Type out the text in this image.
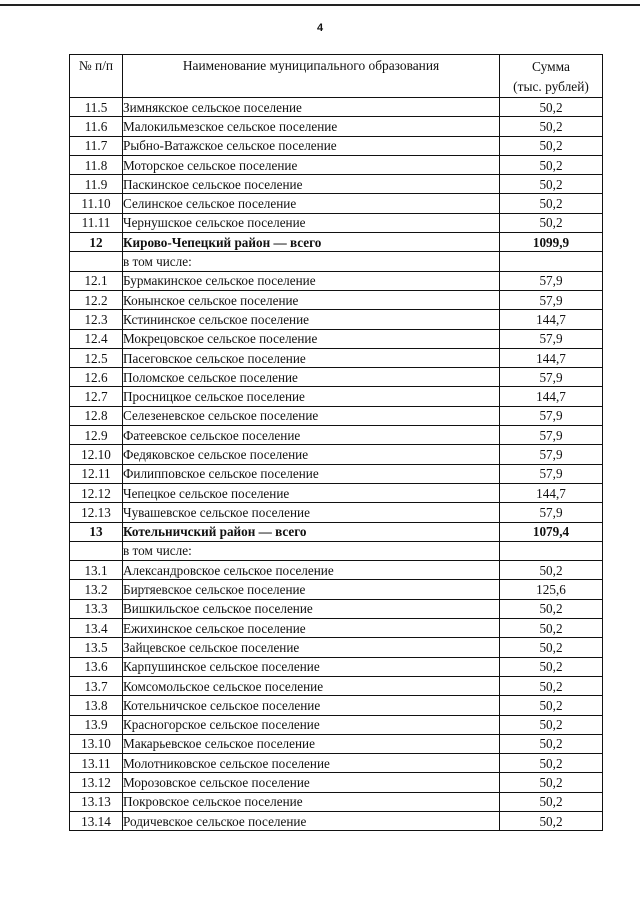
4
№ п/п	Наименование муниципального образования	Сумма
(тыс. рублей)

11.5	Зимнякское сельское поселение	50,2
11.6	Малокильмезское сельское поселение	50,2
11.7	Рыбно-Ватажское сельское поселение	50,2
11.8	Моторское сельское поселение	50,2
11.9	Паскинское сельское поселение	50,2
11.10	Селинское сельское поселение	50,2
11.11	Чернушское сельское поселение	50,2
12	Кирово-Чепецкий район — всего	1099,9
	в том числе:	
12.1	Бурмакинское сельское поселение	57,9
12.2	Конынское сельское поселение	57,9
12.3	Кстининское сельское поселение	144,7
12.4	Мокрецовское сельское поселение	57,9
12.5	Пасеговское сельское поселение	144,7
12.6	Поломское сельское поселение	57,9
12.7	Просницкое сельское поселение	144,7
12.8	Селезеневское сельское поселение	57,9
12.9	Фатеевское сельское поселение	57,9
12.10	Федяковское сельское поселение	57,9
12.11	Филипповское сельское поселение	57,9
12.12	Чепецкое сельское поселение	144,7
12.13	Чувашевское сельское поселение	57,9
13	Котельничский район — всего	1079,4
	в том числе:	
13.1	Александровское сельское поселение	50,2
13.2	Биртяевское сельское поселение	125,6
13.3	Вишкильское сельское поселение	50,2
13.4	Ежихинское сельское поселение	50,2
13.5	Зайцевское сельское поселение	50,2
13.6	Карпушинское сельское поселение	50,2
13.7	Комсомольское сельское поселение	50,2
13.8	Котельничское сельское поселение	50,2
13.9	Красногорское сельское поселение	50,2
13.10	Макарьевское сельское поселение	50,2
13.11	Молотниковское сельское поселение	50,2
13.12	Морозовское сельское поселение	50,2
13.13	Покровское сельское поселение	50,2
13.14	Родичевское сельское поселение	50,2
